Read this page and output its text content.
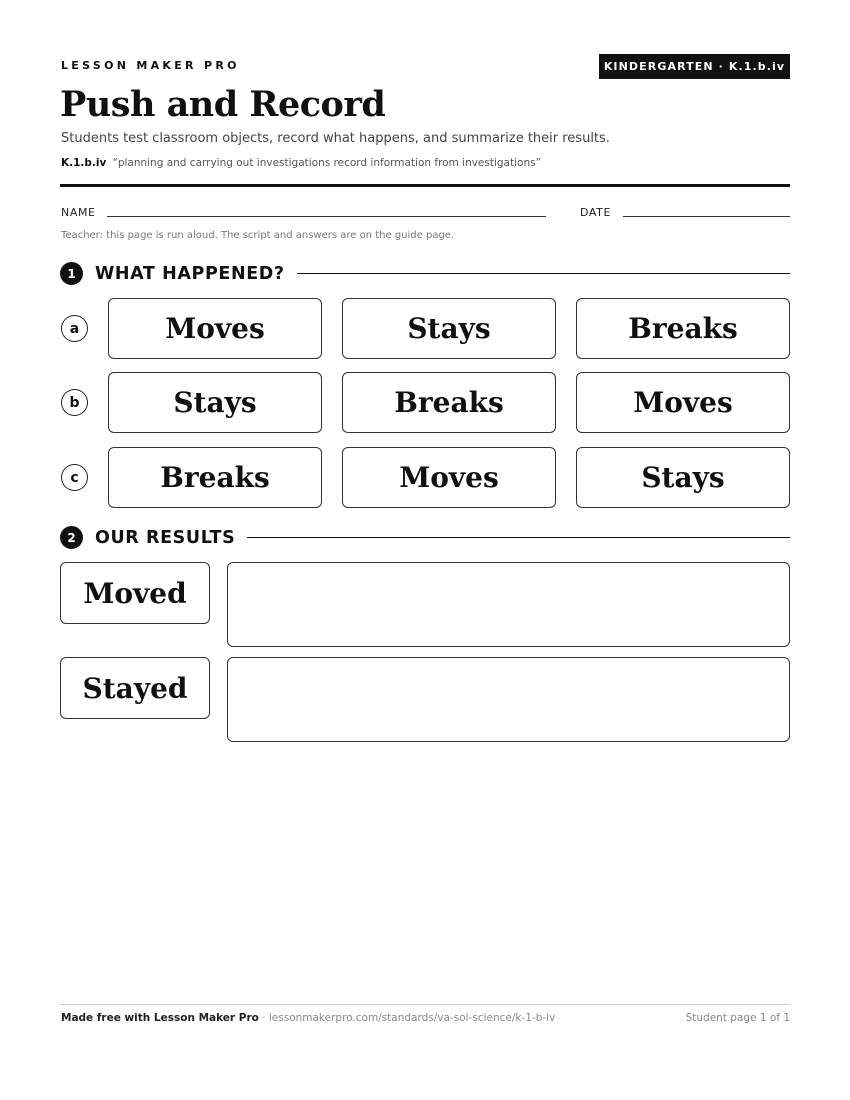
LESSON MAKER PRO	KINDERGARTEN · K.1.b.iv
Push and Record
Students test classroom objects, record what happens, and summarize their results.
K.1.b.iv “planning and carrying out investigations record information from investigations”
NAME	DATE
Teacher: this page is run aloud. The script and answers are on the guide page.
1	WHAT HAPPENED?
a	Moves	Stays	Breaks
b	Stays	Breaks	Moves
c	Breaks	Moves	Stays
2	OUR RESULTS
Moved
Stayed
Made free with Lesson Maker Pro · lessonmakerpro.com/standards/va-sol-science/k-1-b-iv	Student page 1 of 1
